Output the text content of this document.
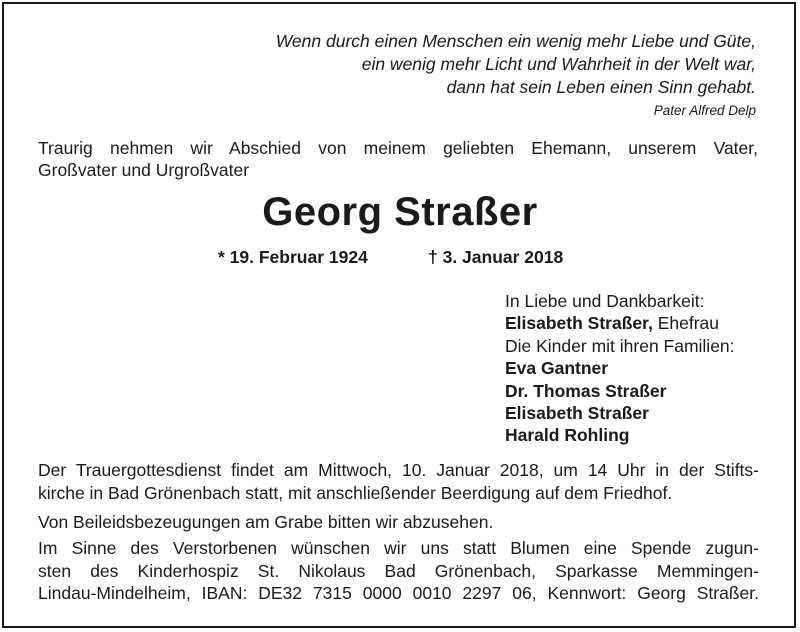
Wenn durch einen Menschen ein wenig mehr Liebe und Güte,
ein wenig mehr Licht und Wahrheit in der Welt war,
dann hat sein Leben einen Sinn gehabt.
Pater Alfred Delp
Traurig nehmen wir Abschied von meinem geliebten Ehemann, unserem Vater,
Großvater und Urgroßvater
Georg Straßer
* 19. Februar 1924	† 3. Januar 2018
In Liebe und Dankbarkeit:
Elisabeth Straßer, Ehefrau
Die Kinder mit ihren Familien:
Eva Gantner
Dr. Thomas Straßer
Elisabeth Straßer
Harald Rohling
Der Trauergottesdienst findet am Mittwoch, 10. Januar 2018, um 14 Uhr in der Stifts-
kirche in Bad Grönenbach statt, mit anschließender Beerdigung auf dem Friedhof.
Von Beileidsbezeugungen am Grabe bitten wir abzusehen.
Im Sinne des Verstorbenen wünschen wir uns statt Blumen eine Spende zugun-
sten des Kinderhospiz St. Nikolaus Bad Grönenbach, Sparkasse Memmingen-
Lindau-Mindelheim, IBAN: DE32 7315 0000 0010 2297 06, Kennwort: Georg Straßer.
